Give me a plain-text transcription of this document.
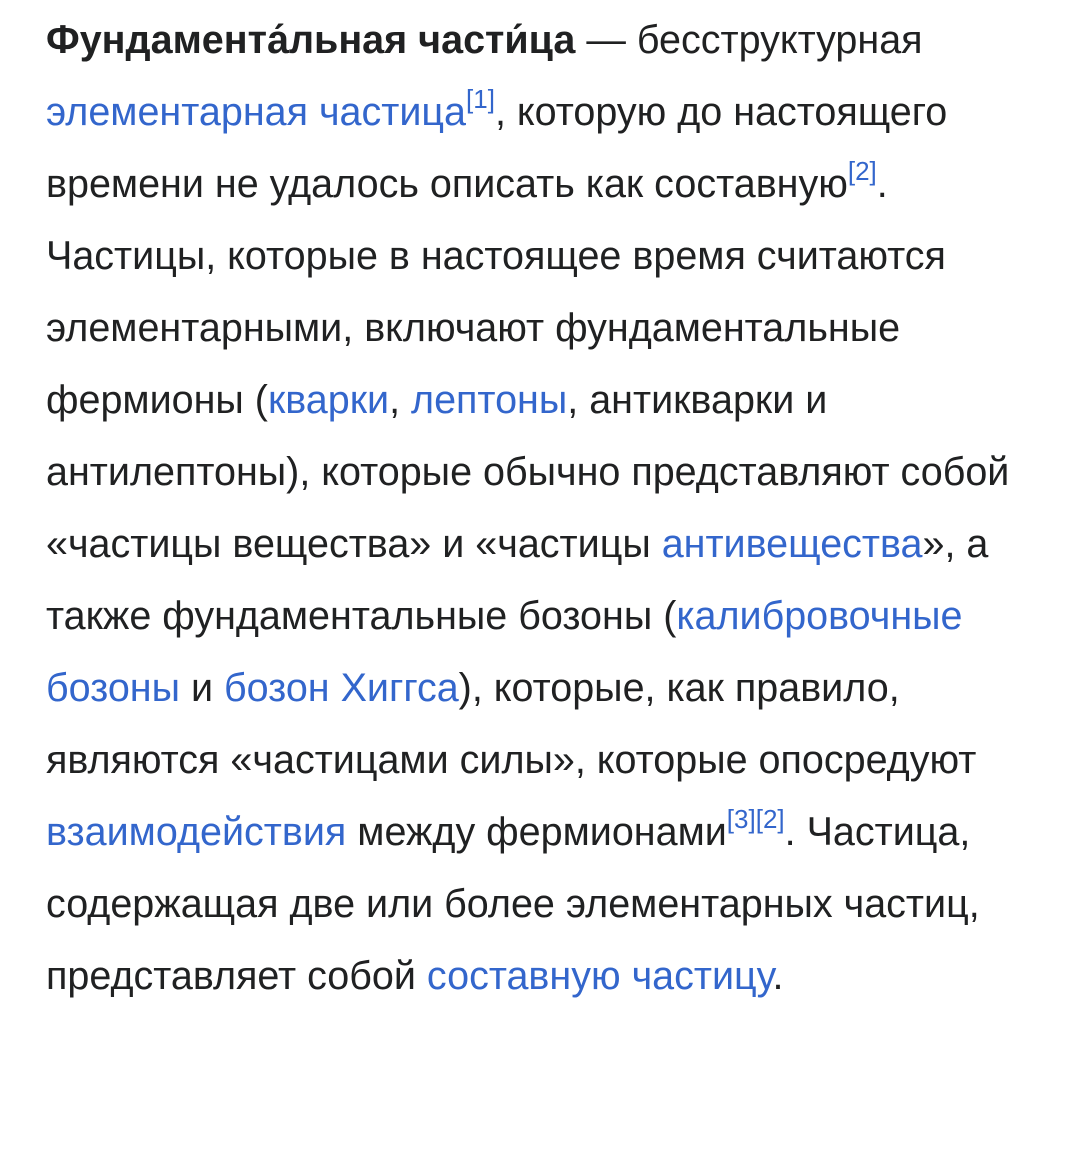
Фундамента́льная части́ца — бесструктурная элементарная частица[1], которую до настоящего времени не удалось описать как составную[2]. Частицы, которые в настоящее время считаются элементарными, включают фундаментальные фермионы (кварки, лептоны, антикварки и антилептоны), которые обычно представляют собой «частицы вещества» и «частицы антивещества», а также фундаментальные бозоны (калибровочные бозоны и бозон Хиггса), которые, как правило, являются «частицами силы», которые опосредуют взаимодействия между фермионами[3][2]. Частица, содержащая две или более элементарных частиц, представляет собой составную частицу.
